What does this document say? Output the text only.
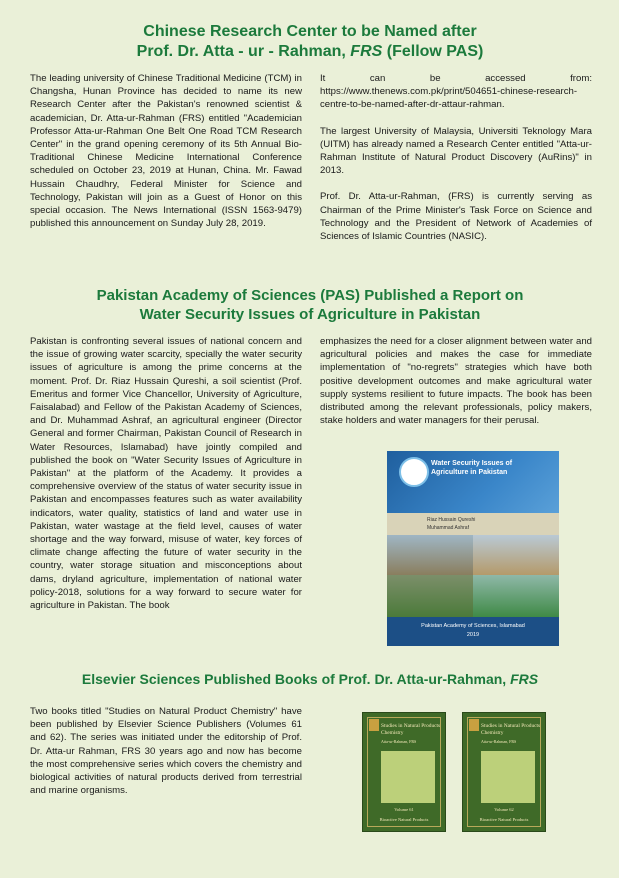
Chinese Research Center to be Named after
Prof. Dr. Atta - ur - Rahman, FRS (Fellow PAS)

The leading university of Chinese Traditional Medicine (TCM) in Changsha, Hunan Province has decided to name its new Research Center after the Pakistan's renowned scientist & academician, Dr. Atta-ur-Rahman (FRS) entitled "Academician Professor Atta-ur-Rahman One Belt One Road TCM Research Center" in the grand opening ceremony of its 5th Annual Bio-Traditional Chinese Medicine International Conference scheduled on October 23, 2019 at Hunan, China. Mr. Fawad Hussain Chaudhry, Federal Minister for Science and Technology, Pakistan will join as a Guest of Honor on this special occasion. The News International (ISSN 1563-9479) published this announcement on Sunday July 28, 2019.

It can be accessed from: https://www.thenews.com.pk/print/504651-chinese-research-centre-to-be-named-after-dr-attaur-rahman.

The largest University of Malaysia, Universiti Teknology Mara (UITM) has already named a Research Center entitled "Atta-ur-Rahman Institute of Natural Product Discovery (AuRins)" in 2013.

Prof. Dr. Atta-ur-Rahman, (FRS) is currently serving as Chairman of the Prime Minister's Task Force on Science and Technology and the President of Network of Academies of Sciences of Islamic Countries (NASIC).

Pakistan Academy of Sciences (PAS) Published a Report on
Water Security Issues of Agriculture in Pakistan

Pakistan is confronting several issues of national concern and the issue of growing water scarcity, specially the water security issues of agriculture is among the prime concerns at the moment. Prof. Dr. Riaz Hussain Qureshi, a soil scientist (Prof. Emeritus and former Vice Chancellor, University of Agriculture, Faisalabad) and Fellow of the Pakistan Academy of Sciences, and Dr. Muhammad Ashraf, an agricultural engineer (Director General and former Chairman, Pakistan Council of Research in Water Resources, Islamabad) have jointly compiled and published the book on "Water Security Issues of Agriculture in Pakistan" at the platform of the Academy. It provides a comprehensive overview of the status of water security issue in Pakistan and encompasses features such as water availability indicators, water quality, statistics of land and water use in Pakistan, water wastage at the field level, causes of water shortage and the way forward, misuse of water, key forces of climate change affecting the future of water security in the country, water storage situation and misconceptions about dams, dryland agriculture, implementation of national water policy-2018, solutions for a way forward to secure water for agriculture in Pakistan. The book

emphasizes the need for a closer alignment between water and agricultural policies and makes the case for immediate implementation of "no-regrets" strategies which have both positive development outcomes and make agricultural water supply systems resilient to future impacts. The book has been distributed among the relevant professionals, policy makers, stake holders and water managers for their perusal.

Water Security Issues of Agriculture in Pakistan
Riaz Hussain Qureshi
Muhammad Ashraf
Pakistan Academy of Sciences, Islamabad
2019
Elsevier Sciences Published Books of Prof. Dr. Atta-ur-Rahman, FRS

Two books titled "Studies on Natural Product Chemistry" have been published by Elsevier Science Publishers (Volumes 61 and 62). The series was initiated under the editorship of Prof. Dr. Atta-ur Rahman, FRS 30 years ago and now has become the most comprehensive series which covers the chemistry and biological activities of natural products derived from terrestrial and marine organisms.

Studies in Natural Products Chemistry
Atta-ur-Rahman, FRS
Volume 61
Bioactive Natural Products
Studies in Natural Products Chemistry
Atta-ur-Rahman, FRS
Volume 62
Bioactive Natural Products
